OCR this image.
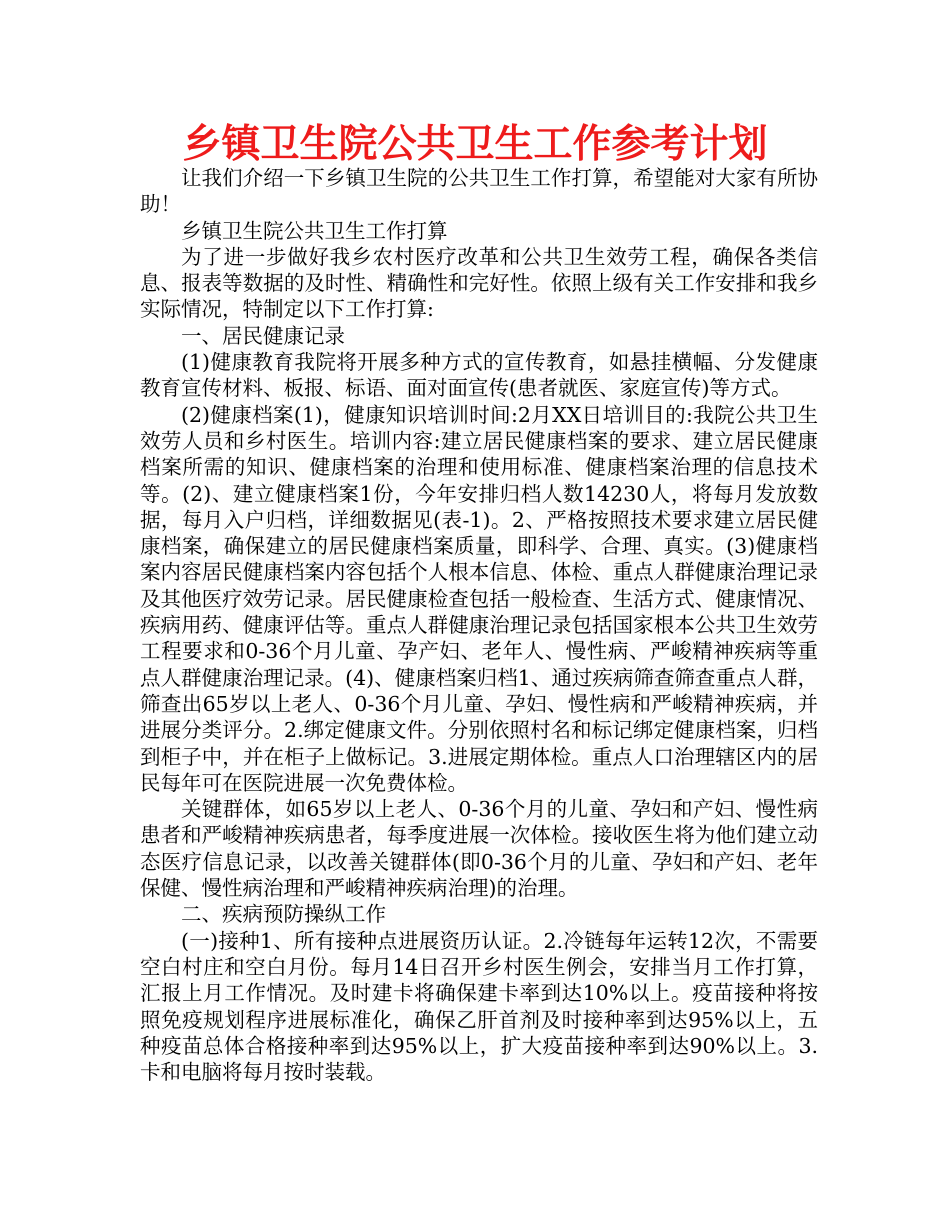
乡镇卫生院公共卫生工作参考计划

让我们介绍一下乡镇卫生院的公共卫生工作打算，希望能对大家有所协助！

乡镇卫生院公共卫生工作打算

为了进一步做好我乡农村医疗改革和公共卫生效劳工程，确保各类信息、报表等数据的及时性、精确性和完好性。依照上级有关工作安排和我乡实际情况，特制定以下工作打算:

一、居民健康记录

(1)健康教育我院将开展多种方式的宣传教育，如悬挂横幅、分发健康教育宣传材料、板报、标语、面对面宣传(患者就医、家庭宣传)等方式。

(2)健康档案(1)，健康知识培训时间:2月XX日培训目的:我院公共卫生效劳人员和乡村医生。培训内容:建立居民健康档案的要求、建立居民健康档案所需的知识、健康档案的治理和使用标准、健康档案治理的信息技术等。(2)、建立健康档案1份，今年安排归档人数14230人，将每月发放数据，每月入户归档，详细数据见(表-1)。2、严格按照技术要求建立居民健康档案，确保建立的居民健康档案质量，即科学、合理、真实。(3)健康档案内容居民健康档案内容包括个人根本信息、体检、重点人群健康治理记录及其他医疗效劳记录。居民健康检查包括一般检查、生活方式、健康情况、疾病用药、健康评估等。重点人群健康治理记录包括国家根本公共卫生效劳工程要求和0-36个月儿童、孕产妇、老年人、慢性病、严峻精神疾病等重点人群健康治理记录。(4)、健康档案归档1、通过疾病筛查筛查重点人群，筛查出65岁以上老人、0-36个月儿童、孕妇、慢性病和严峻精神疾病，并进展分类评分。2.绑定健康文件。分别依照村名和标记绑定健康档案，归档到柜子中，并在柜子上做标记。3.进展定期体检。重点人口治理辖区内的居民每年可在医院进展一次免费体检。

关键群体，如65岁以上老人、0-36个月的儿童、孕妇和产妇、慢性病患者和严峻精神疾病患者，每季度进展一次体检。接收医生将为他们建立动态医疗信息记录，以改善关键群体(即0-36个月的儿童、孕妇和产妇、老年保健、慢性病治理和严峻精神疾病治理)的治理。

二、疾病预防操纵工作

(一)接种1、所有接种点进展资历认证。2.冷链每年运转12次，不需要空白村庄和空白月份。每月14日召开乡村医生例会，安排当月工作打算，汇报上月工作情况。及时建卡将确保建卡率到达10%以上。疫苗接种将按照免疫规划程序进展标准化，确保乙肝首剂及时接种率到达95%以上，五种疫苗总体合格接种率到达95%以上，扩大疫苗接种率到达90%以上。3.卡和电脑将每月按时装载。
